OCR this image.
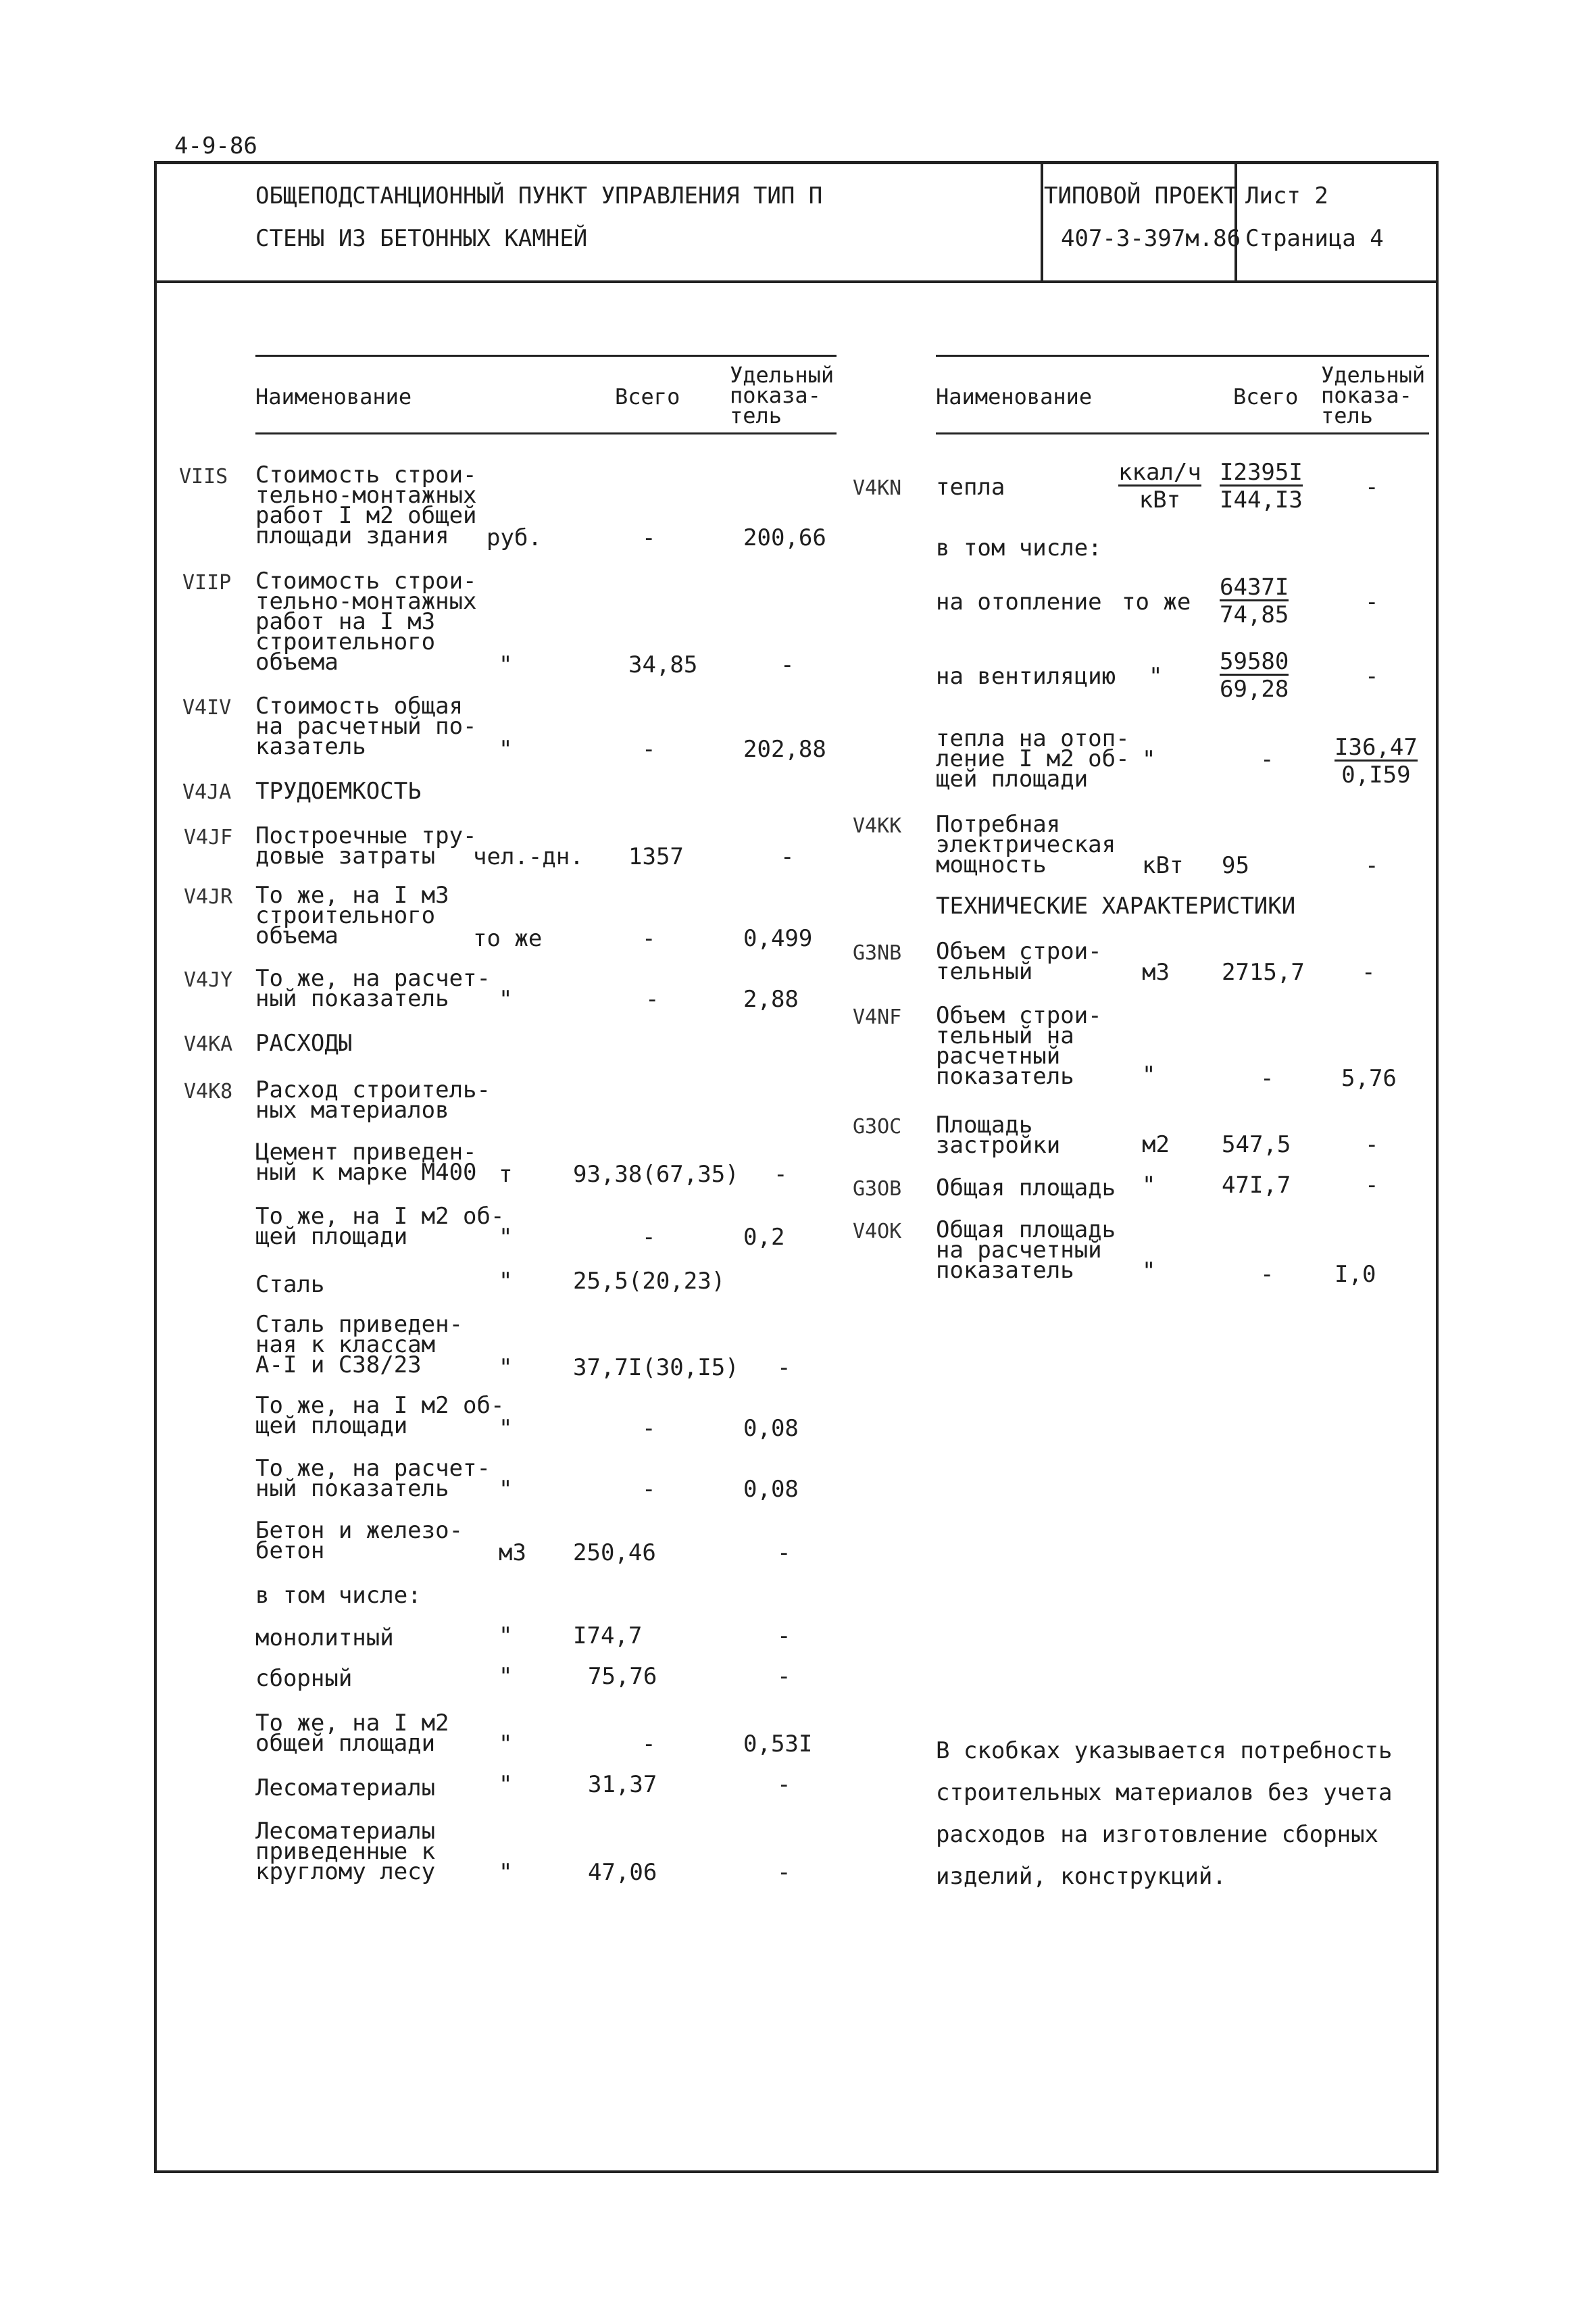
4-9-86
ОБЩЕПОДСТАНЦИОННЫЙ ПУНКТ УПРАВЛЕНИЯ ТИП П
СТЕНЫ ИЗ БЕТОННЫХ КАМНЕЙ
ТИПОВОЙ ПРОЕКТ
407-3-397м.86
Лист 2
Страница 4
Наименование	Всего
Удельный
показа-
тель
Наименование	Всего
Удельный
показа-
тель
VIIS Стоимость строи-
тельно-монтажных
работ I м2 общей
площади здания	руб.	-	200,66
VIIP Стоимость строи-
тельно-монтажных
работ на I м3
строительного
объема	"	34,85	-
V4IV Стоимость общая
на расчетный по-
казатель	"	-	202,88
V4JA ТРУДОЕМКОСТЬ
V4JF Построечные тру-
довые затраты	чел.-дн. 1357	-
V4JR То же, на I м3
строительного
объема	то же	-	0,499
V4JY То же, на расчет-
ный показатель	"	-	2,88
V4KA РАСХОДЫ
V4K8 Расход строитель-
ных материалов
Цемент приведен-
ный к марке М400 т	93,38(67,35) -
То же, на I м2 об-
щей площади	"	-	0,2
Сталь	"	25,5(20,23)
Сталь приведен-
ная к классам
А-I и С38/23	"	37,7I(30,I5) -
То же, на I м2 об-
щей площади	"	-	0,08
То же, на расчет-
ный показатель	"	-	0,08
Бетон и железо-
бетон	м3 250,46	-
в том числе:
монолитный	"	I74,7	-
сборный	"	75,76	-
То же, на I м2
общей площади	"	-	0,53I
Лесоматериалы	"	31,37	-
Лесоматериалы
приведенные к
круглому лесу	"	47,06	-
V4KN тепла
ккал/ч
кВт	$\frac{I2395I}{I44,I3}$	-
в том числе:
на отопление то же $\frac{6437I}{74,85}$	-
на вентиляцию " $\frac{59580}{69,28}$	-
тепла на отоп-
ление I м2 об-
щей площади
"	-	$\frac{I36,47}{0,I59}$
V4KK Потребная
электрическая
мощность	кВт 95	-
ТЕХНИЧЕСКИЕ ХАРАКТЕРИСТИКИ
G3NB Объем строи-
тельный	м3 2715,7 -
V4NF Объем строи-
тельный на
расчетный
показатель	"	-	5,76
G3OC Площадь
застройки	м2 547,5	-
G3OB Общая площадь "	47I,7	-
V4OK Общая площадь
на расчетный
показатель	"	-	I,0
В скобках указывается потребность
строительных материалов без учета
расходов на изготовление сборных
изделий, конструкций.
